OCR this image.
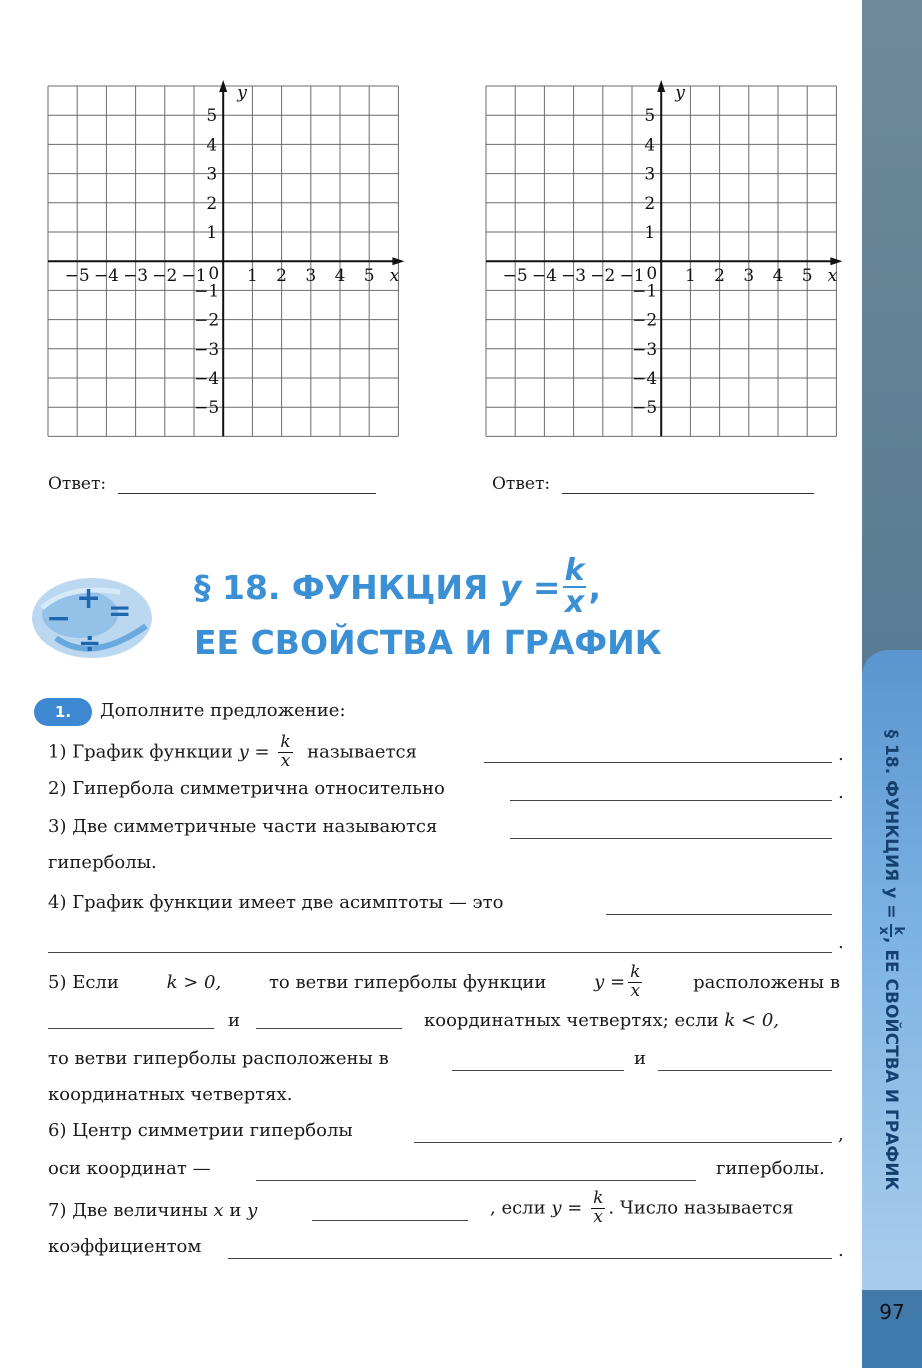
§ 18. ФУНКЦИЯ y =
k
x
, ЕЕ СВОЙСТВА И ГРАФИК
97
−5 −4 −3 −2 −1 1 2 3 4 5
1
2
3
4
5
−1
−2
−3
−4
−5
0	x
y
−5 −4 −3 −2 −1 1 2 3 4 5
1
2
3
4
5
−1
−2
−3
−4
−5
0	x
y
Ответ:	Ответ:
+
− =
÷
§ 18. ФУНКЦИЯ
y
= $\frac{k}{x}$ ,
ЕЕ СВОЙСТВА И ГРАФИК
1.	Дополните предложение:
1) График функции $y = \frac{k}{x}$ называется	.
2) Гипербола симметрична относительно	.
3) Две симметричные части называются
гиперболы.
4) График функции имеет две асимптоты — это
.
5) Если	k > 0,	то ветви гиперболы функции	$y = \frac{k}{x}$	расположены в
и	координатных четвертях; если k < 0,
то ветви гиперболы расположены в	и
координатных четвертях.
6) Центр симметрии гиперболы	,
оси координат —	гиперболы.
7) Две величины x и y	, если $y = \frac{k}{x}$ . Число называется
коэффициентом	.
